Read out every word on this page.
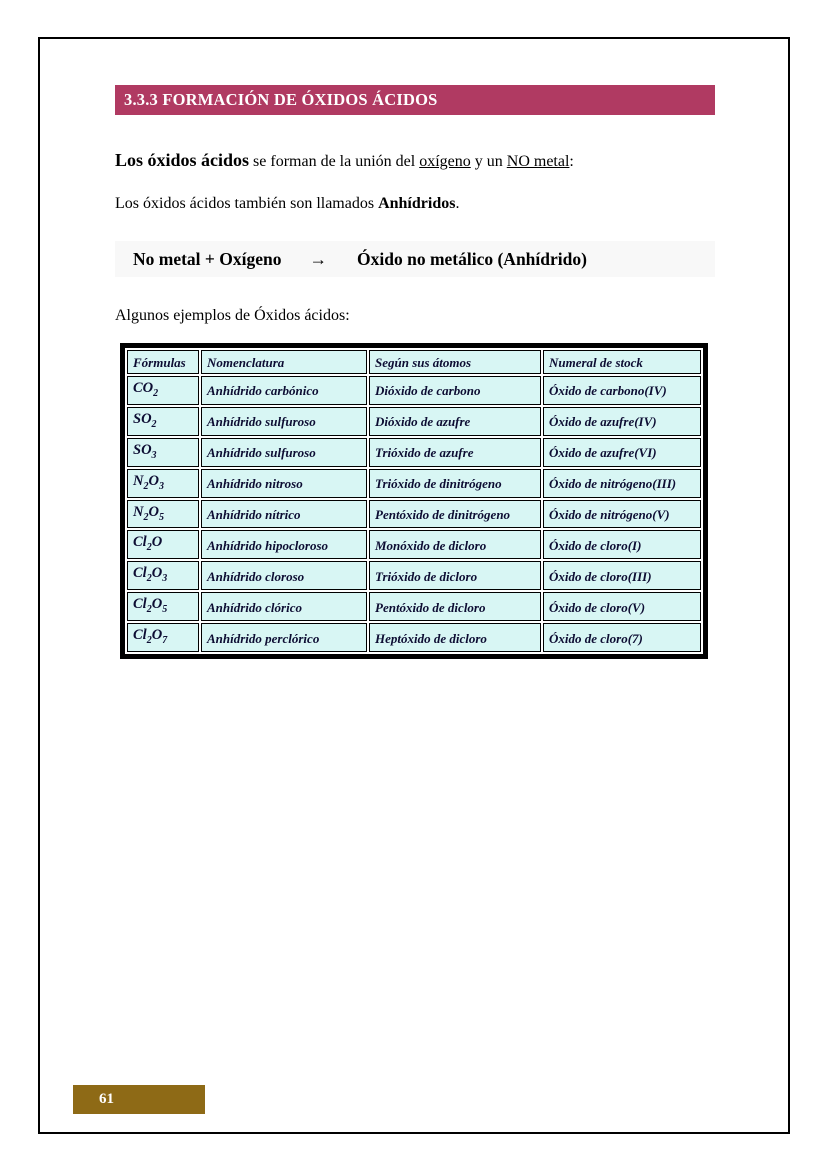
3.3.3 FORMACIÓN DE ÓXIDOS ÁCIDOS

Los óxidos ácidos se forman de la unión del oxígeno y un NO metal:

Los óxidos ácidos también son llamados Anhídridos.

No metal + Oxígeno → Óxido no metálico (Anhídrido)

Algunos ejemplos de Óxidos ácidos:

Fórmulas	Nomenclatura	Según sus átomos	Numeral de stock
$CO_2$	Anhídrido carbónico	Dióxido de carbono	Óxido de carbono(IV)
$SO_2$	Anhídrido sulfuroso	Dióxido de azufre	Óxido de azufre(IV)
$SO_3$	Anhídrido sulfuroso	Trióxido de azufre	Óxido de azufre(VI)
$N_2O_3$	Anhídrido nitroso	Trióxido de dinitrógeno	Óxido de nitrógeno(III)
$N_2O_5$	Anhídrido nítrico	Pentóxido de dinitrógeno	Óxido de nitrógeno(V)
$Cl_2O$	Anhídrido hipocloroso	Monóxido de dicloro	Óxido de cloro(I)
$Cl_2O_3$	Anhídrido cloroso	Trióxido de dicloro	Óxido de cloro(III)
$Cl_2O_5$	Anhídrido clórico	Pentóxido de dicloro	Óxido de cloro(V)
$Cl_2O_7$	Anhídrido perclórico	Heptóxido de dicloro	Óxido de cloro(7)
61
